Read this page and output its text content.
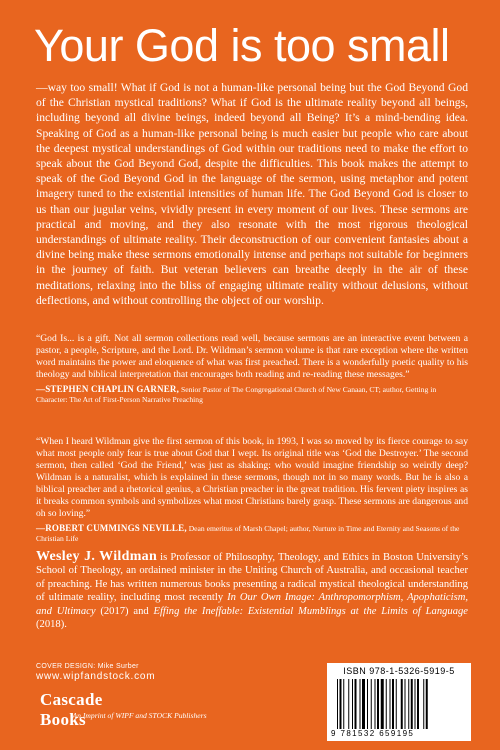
Your God is too small

—way too small! What if God is not a human-like personal being but the God Beyond God of the Christian mystical traditions? What if God is the ultimate reality beyond all beings, including beyond all divine beings, indeed beyond all Being? It’s a mind-bending idea. Speaking of God as a human-like personal being is much easier but people who care about the deepest mystical understandings of God within our traditions need to make the effort to speak about the God Beyond God, despite the difficulties. This book makes the attempt to speak of the God Beyond God in the language of the sermon, using metaphor and potent imagery tuned to the existential intensities of human life. The God Beyond God is closer to us than our jugular veins, vividly present in every moment of our lives. These sermons are practical and moving, and they also resonate with the most rigorous theological understandings of ultimate reality. Their deconstruction of our convenient fantasies about a divine being make these sermons emotionally intense and perhaps not suitable for beginners in the journey of faith. But veteran believers can breathe deeply in the air of these meditations, relaxing into the bliss of engaging ultimate reality without delusions, without deflections, and without controlling the object of our worship.

“God Is... is a gift. Not all sermon collections read well, because sermons are an interactive event between a pastor, a people, Scripture, and the Lord. Dr. Wildman’s sermon volume is that rare exception where the written word maintains the power and eloquence of what was first preached. There is a wonderfully poetic quality to his theology and biblical interpretation that encourages both reading and re-reading these messages.”

—STEPHEN CHAPLIN GARNER, Senior Pastor of The Congregational Church of New Canaan, CT; author, Getting in Character: The Art of First-Person Narrative Preaching

“When I heard Wildman give the first sermon of this book, in 1993, I was so moved by its fierce courage to say what most people only fear is true about God that I wept. Its original title was ‘God the Destroyer.’ The second sermon, then called ‘God the Friend,’ was just as shaking: who would imagine friendship so weirdly deep? Wildman is a naturalist, which is explained in these sermons, though not in so many words. But he is also a biblical preacher and a rhetorical genius, a Christian preacher in the great tradition. His fervent piety inspires as it breaks common symbols and symbolizes what most Christians barely grasp. These sermons are dangerous and oh so loving.”

—ROBERT CUMMINGS NEVILLE, Dean emeritus of Marsh Chapel; author, Nurture in Time and Eternity and Seasons of the Christian Life

Wesley J. Wildman is Professor of Philosophy, Theology, and Ethics in Boston University’s School of Theology, an ordained minister in the Uniting Church of Australia, and occasional teacher of preaching. He has written numerous books presenting a radical mystical theological understanding of ultimate reality, including most recently In Our Own Image: Anthropomorphism, Apophaticism, and Ultimacy (2017) and Effing the Ineffable: Existential Mumblings at the Limits of Language (2018).

COVER DESIGN: Mike Surber
www.wipfandstock.com
Cascade Books
An Imprint of WIPF and STOCK Publishers
ISBN 978-1-5326-5919-5
9 781532 659195
